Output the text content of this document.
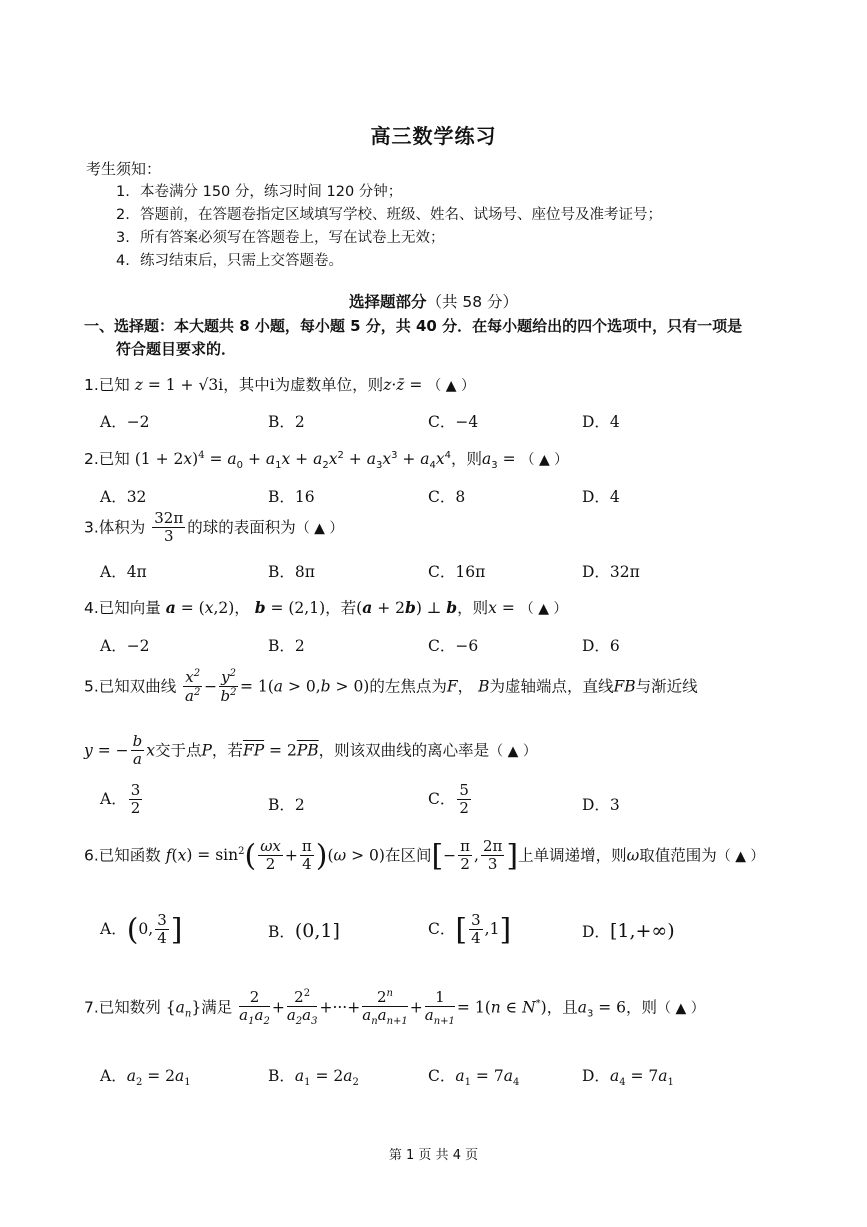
高三数学练习
考生须知：
1. 本卷满分 150 分，练习时间 120 分钟；
2. 答题前，在答题卷指定区域填写学校、班级、姓名、试场号、座位号及准考证号；
3. 所有答案必须写在答题卷上，写在试卷上无效；
4. 练习结束后，只需上交答题卷。
选择题部分（共 58 分）
一、选择题：本大题共 8 小题，每小题 5 分，共 40 分．在每小题给出的四个选项中，只有一项是
符合题目要求的．
1.已知 z = 1 + √3i，其中i为虚数单位，则z·z̄ = （ ▲ ）
A．−2	B．2	C．−4	D．4
2.已知 $(1 + 2x)^4 = a_0 + a_1x + a_2x^2 + a_3x^3 + a_4x^4$，则$a_3$ = （ ▲ ）
A．32	B．16	C．8	D．4
3.体积为 $\frac{32\pi}{3}$ 的球的表面积为（ ▲ ）
A．4π	B．8π	C．16π	D．32π
4.已知向量 a = (x,2)， b = (2,1)，若(a + 2b) ⊥ b，则x = （ ▲ ）
A．−2	B．2	C．−6	D．6
5.已知双曲线 $\frac{x^2}{a^2} - \frac{y^2}{b^2} = 1(a > 0,b > 0)$的左焦点为F， B为虚轴端点，直线FB与渐近线
y = − $\frac{b}{a}$ x交于点P，若$\overline{FP} = 2\overline{PB}$，则该双曲线的离心率是（ ▲ ）
A． $\frac{3}{2}$	B．2	C． $\frac{5}{2}$	D．3
6.已知函数 $f(x) = \sin^2( \frac{\omega x}{2} + \frac{\pi}{4} )(\omega > 0)$在区间[− $\frac{\pi}{2}$ , $\frac{2\pi}{3}$ ]上单调递增，则ω取值范围为（ ▲ ）
A．(0, $\frac{3}{4}$ ]	B．(0,1]	C．[ $\frac{3}{4} ,1$]	D．[1,+∞)
7.已知数列 $\{a_n\}$满足 $\frac{2}{a_1a_2} + \frac{2^2}{a_2a_3}$ +···+ $\frac{2^n}{a_na_{n+1}} + \frac{1}{a_{n+1}} = 1(n$ ∈ N*)，且$a_3 = 6$，则（ ▲ ）
A．$a_2 = 2a_1$	B．$a_1 = 2a_2$	C．$a_1 = 7a_4$	D．$a_4 = 7a_1$
第 1 页 共 4 页
